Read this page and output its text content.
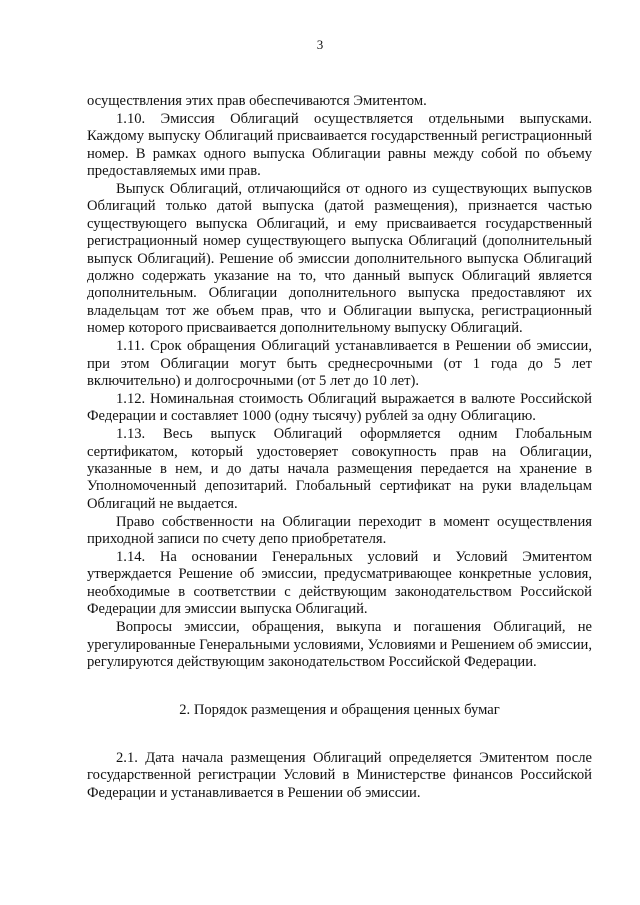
3

осуществления этих прав обеспечиваются Эмитентом.

1.10. Эмиссия Облигаций осуществляется отдельными выпусками. Каждому выпуску Облигаций присваивается государственный регистрационный номер. В рамках одного выпуска Облигации равны между собой по объему предоставляемых ими прав.

Выпуск Облигаций, отличающийся от одного из существующих выпусков Облигаций только датой выпуска (датой размещения), признается частью существующего выпуска Облигаций, и ему присваивается государственный регистрационный номер существующего выпуска Облигаций (дополнительный выпуск Облигаций). Решение об эмиссии дополнительного выпуска Облигаций должно содержать указание на то, что данный выпуск Облигаций является дополнительным. Облигации дополнительного выпуска предоставляют их владельцам тот же объем прав, что и Облигации выпуска, регистрационный номер которого присваивается дополнительному выпуску Облигаций.

1.11. Срок обращения Облигаций устанавливается в Решении об эмиссии, при этом Облигации могут быть среднесрочными (от 1 года до 5 лет включительно) и долгосрочными (от 5 лет до 10 лет).

1.12. Номинальная стоимость Облигаций выражается в валюте Российской Федерации и составляет 1000 (одну тысячу) рублей за одну Облигацию.

1.13. Весь выпуск Облигаций оформляется одним Глобальным сертификатом, который удостоверяет совокупность прав на Облигации, указанные в нем, и до даты начала размещения передается на хранение в Уполномоченный депозитарий. Глобальный сертификат на руки владельцам Облигаций не выдается.

Право собственности на Облигации переходит в момент осуществления приходной записи по счету депо приобретателя.

1.14. На основании Генеральных условий и Условий Эмитентом утверждается Решение об эмиссии, предусматривающее конкретные условия, необходимые в соответствии с действующим законодательством Российской Федерации для эмиссии выпуска Облигаций.

Вопросы эмиссии, обращения, выкупа и погашения Облигаций, не урегулированные Генеральными условиями, Условиями и Решением об эмиссии, регулируются действующим законодательством Российской Федерации.

2. Порядок размещения и обращения ценных бумаг

2.1. Дата начала размещения Облигаций определяется Эмитентом после государственной регистрации Условий в Министерстве финансов Российской Федерации и устанавливается в Решении об эмиссии.
